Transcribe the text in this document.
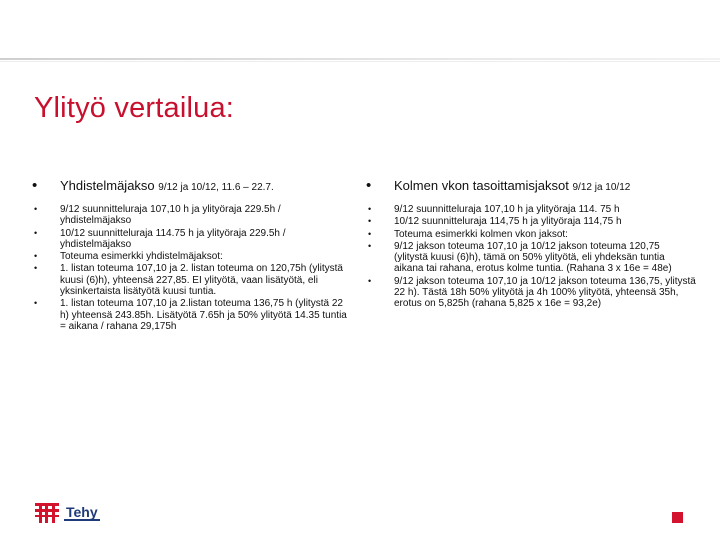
Ylityö vertailua:
•	Yhdistelmäjakso 9/12 ja 10/12, 11.6 – 22.7.
•	9/12 suunnitteluraja 107,10 h ja ylityöraja 229.5h / yhdistelmäjakso
•	10/12 suunnitteluraja 114.75 h ja ylityöraja 229.5h / yhdistelmäjakso
•	Toteuma esimerkki yhdistelmäjaksot:
•	1. listan toteuma 107,10 ja 2. listan toteuma on 120,75h (ylitystä kuusi (6)h), yhteensä 227,85. EI ylityötä, vaan lisätyötä, eli yksinkertaista lisätyötä kuusi tuntia.
•	1. listan toteuma 107,10 ja 2.listan toteuma 136,75 h (ylitystä 22 h) yhteensä 243.85h. Lisätyötä 7.65h ja 50% ylityötä 14.35 tuntia = aikana / rahana 29,175h
•	Kolmen vkon tasoittamisjaksot 9/12 ja 10/12
•	9/12 suunnitteluraja 107,10 h ja ylityöraja 114. 75 h
•	10/12 suunnitteluraja 114,75 h ja ylityöraja 114,75 h
•	Toteuma esimerkki kolmen vkon jaksot:
•	9/12 jakson toteuma 107,10 ja 10/12 jakson toteuma 120,75 (ylitystä kuusi (6)h), tämä on 50% ylityötä, eli yhdeksän tuntia aikana tai rahana, erotus kolme tuntia. (Rahana 3 x 16e = 48e)
•	9/12 jakson toteuma 107,10 ja 10/12 jakson toteuma 136,75, ylitystä 22 h). Tästä 18h 50% ylityötä ja 4h 100% ylityötä, yhteensä 35h, erotus on 5,825h (rahana 5,825 x 16e = 93,2e)
Tehy
